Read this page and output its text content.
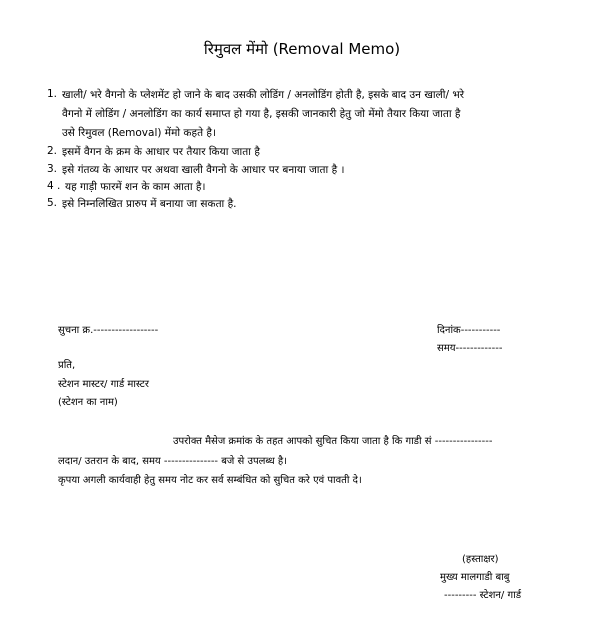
रिमुवल मेंमो (Removal Memo)
1. खाली/ भरे वैगनो के प्लेशमेंट हो जाने के बाद उसकी लोडिंग / अनलोडिंग होती है, इसके बाद उन खाली/ भरे
वैगनो में लोडिंग / अनलोडिंग का कार्य समाप्त हो गया है, इसकी जानकारी हेतु जो मेंमो तैयार किया जाता है
उसे रिमुवल (Removal) मेंमो कहते है।
2. इसमें वैगन के क्रम के आधार पर तैयार किया जाता है
3. इसे गंतव्य के आधार पर अथवा खाली वैगनो के आधार पर बनाया जाता है ।
4 . यह गाड़ी फारमें शन के काम आता है।
5. इसे निम्नलिखित प्रारुप में बनाया जा सकता है.
सुचना क्र.------------------	दिनांक-----------
समय-------------
प्रति,
स्टेशन मास्टर/ गार्ड मास्टर
(स्टेशन का नाम)
उपरोक्त मैसेज क्रमांक के तहत आपको सुचित किया जाता है कि गाडी सं ----------------
लदान/ उतरान के बाद, समय --------------- बजे से उपलब्ध है।
कृपया अगली कार्यवाही हेतु समय नोट कर सर्व सम्बंधित को सुचित करे एवं पावती दे।
(हस्ताक्षर)
मुख्य मालगाडी बाबु
--------- स्टेशन/ गार्ड
